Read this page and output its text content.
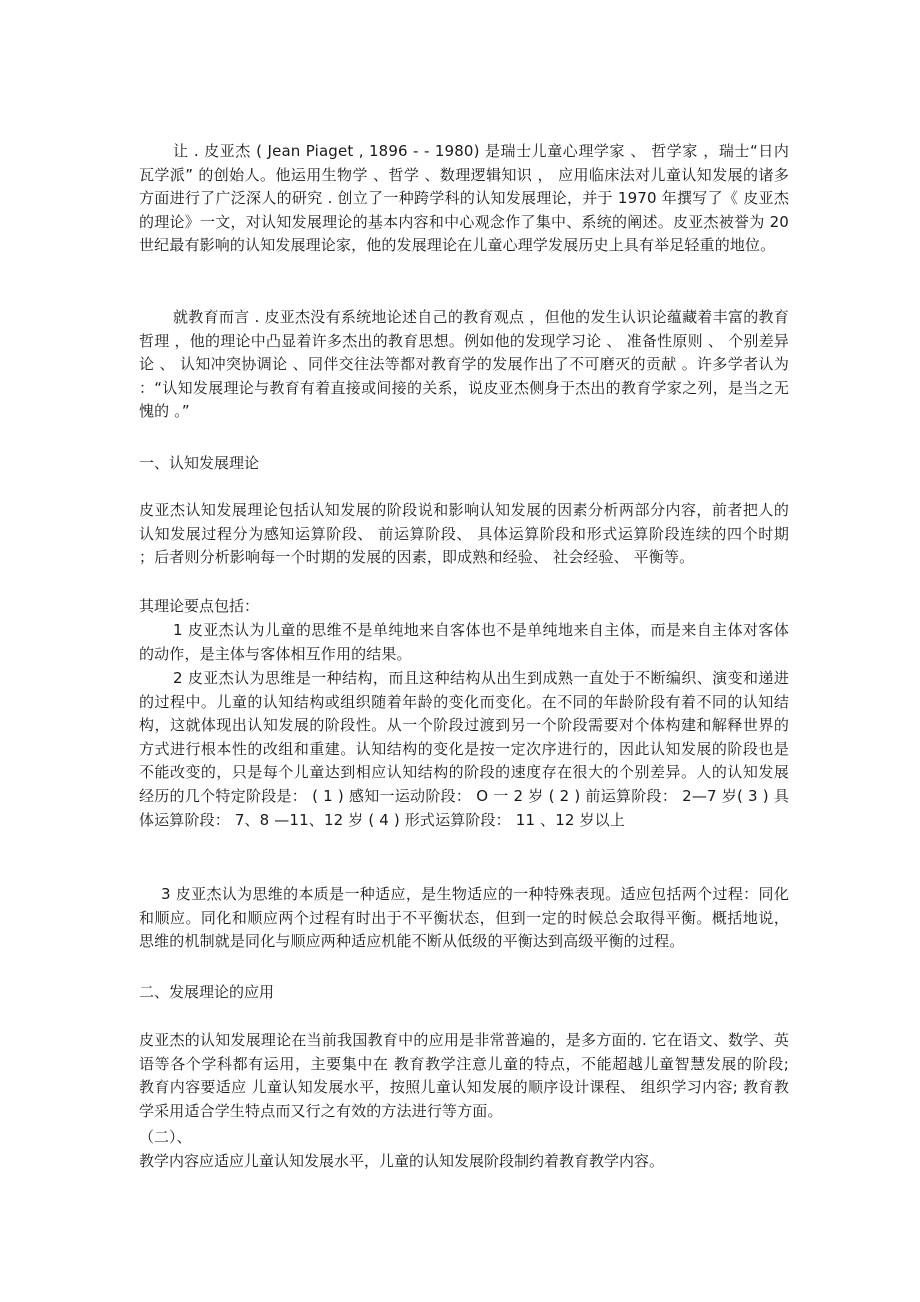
让 . 皮亚杰 ( Jean Piaget , 1896 - - 1980) 是瑞士儿童心理学家 、 哲学家 ，瑞士“日内瓦学派” 的创始人。他运用生物学 、哲学 、数理逻辑知识 ， 应用临床法对儿童认知发展的诸多方面进行了广泛深人的研究 . 创立了一种跨学科的认知发展理论，并于 1970 年撰写了《 皮亚杰的理论》一文，对认知发展理论的基本内容和中心观念作了集中、系统的阐述。皮亚杰被誉为 20 世纪最有影响的认知发展理论家，他的发展理论在儿童心理学发展历史上具有举足轻重的地位。

就教育而言 . 皮亚杰没有系统地论述自己的教育观点 ，但他的发生认识论蕴藏着丰富的教育哲理 ，他的理论中凸显着许多杰出的教育思想。例如他的发现学习论 、 准备性原则 、 个别差异论 、 认知冲突协调论 、同伴交往法等都对教育学的发展作出了不可磨灭的贡献 。许多学者认为 ：“认知发展理论与教育有着直接或间接的关系，说皮亚杰侧身于杰出的教育学家之列，是当之无愧的 。”

一、认知发展理论

皮亚杰认知发展理论包括认知发展的阶段说和影响认知发展的因素分析两部分内容，前者把人的认知发展过程分为感知运算阶段、 前运算阶段、 具体运算阶段和形式运算阶段连续的四个时期 ；后者则分析影响每一个时期的发展的因素，即成熟和经验、 社会经验、 平衡等。

其理论要点包括：

1 皮亚杰认为儿童的思维不是单纯地来自客体也不是单纯地来自主体，而是来自主体对客体的动作，是主体与客体相互作用的结果。

2 皮亚杰认为思维是一种结构，而且这种结构从出生到成熟一直处于不断编织、演变和递进的过程中。儿童的认知结构或组织随着年龄的变化而变化。在不同的年龄阶段有着不同的认知结构，这就体现出认知发展的阶段性。从一个阶段过渡到另一个阶段需要对个体构建和解释世界的方式进行根本性的改组和重建。认知结构的变化是按一定次序进行的，因此认知发展的阶段也是不能改变的，只是每个儿童达到相应认知结构的阶段的速度存在很大的个别差异。人的认知发展经历的几个特定阶段是： ( 1 ) 感知一运动阶段： O 一 2 岁 ( 2 ) 前运算阶段： 2—7 岁( 3 ) 具体运算阶段： 7、8 —11、12 岁 ( 4 ) 形式运算阶段： 11 、12 岁以上

3 皮亚杰认为思维的本质是一种适应，是生物适应的一种特殊表现。适应包括两个过程：同化和顺应。同化和顺应两个过程有时出于不平衡状态，但到一定的时候总会取得平衡。概括地说，思维的机制就是同化与顺应两种适应机能不断从低级的平衡达到高级平衡的过程。

二、发展理论的应用

皮亚杰的认知发展理论在当前我国教育中的应用是非常普遍的，是多方面的. 它在语文、数学、英语等各个学科都有运用，主要集中在 教育教学注意儿童的特点，不能超越儿童智慧发展的阶段; 教育内容要适应 儿童认知发展水平，按照儿童认知发展的顺序设计课程、 组织学习内容; 教育教学采用适合学生特点而又行之有效的方法进行等方面。

（二）、

教学内容应适应儿童认知发展水平，儿童的认知发展阶段制约着教育教学内容。
